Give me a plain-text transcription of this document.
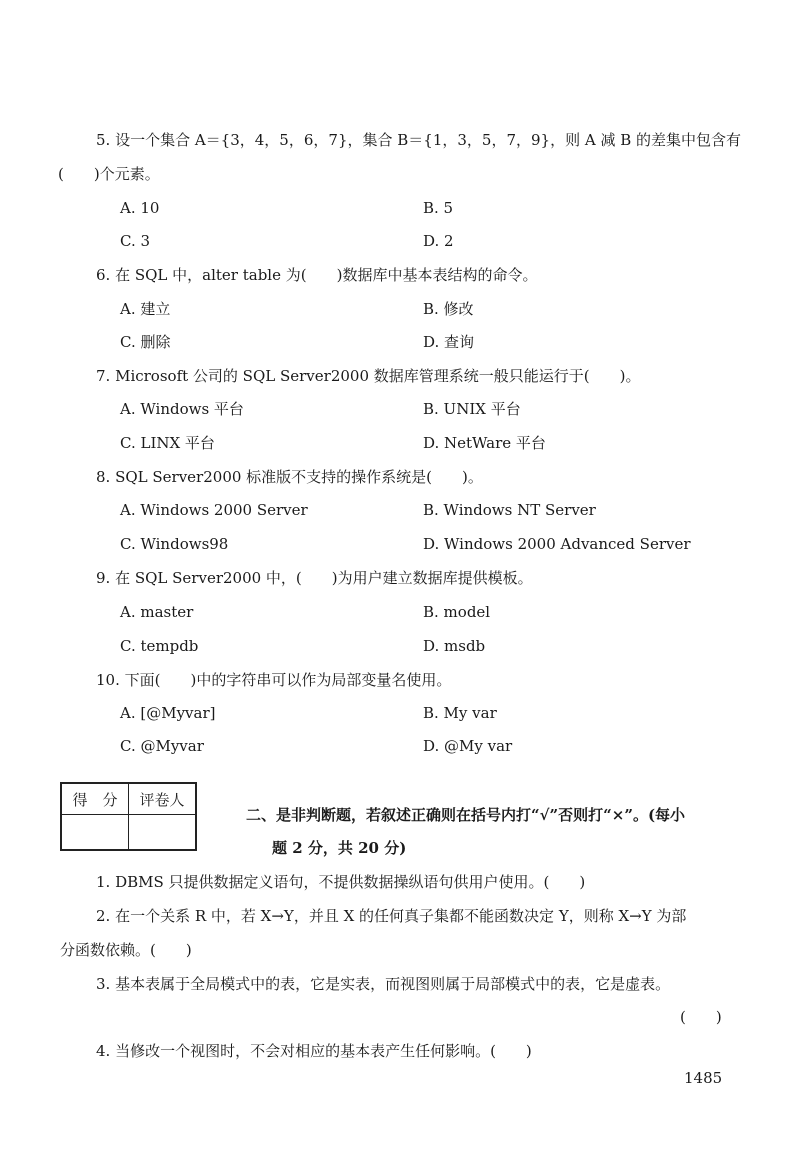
5. 设一个集合 A＝{3，4，5，6，7}，集合 B＝{1，3，5，7，9}，则 A 减 B 的差集中包含有
(　　)个元素。
A. 10	B. 5
C. 3	D. 2
6. 在 SQL 中，alter table 为(　　)数据库中基本表结构的命令。
A. 建立	B. 修改
C. 删除	D. 查询
7. Microsoft 公司的 SQL Server2000 数据库管理系统一般只能运行于(　　)。
A. Windows 平台	B. UNIX 平台
C. LINX 平台	D. NetWare 平台
8. SQL Server2000 标准版不支持的操作系统是(　　)。
A. Windows 2000 Server	B. Windows NT Server
C. Windows98	D. Windows 2000 Advanced Server
9. 在 SQL Server2000 中，(　　)为用户建立数据库提供模板。
A. master	B. model
C. tempdb	D. msdb
10. 下面(　　)中的字符串可以作为局部变量名使用。
A. [@Myvar]	B. My var
C. @Myvar	D. @My var
得　分	评卷人

二、是非判断题，若叙述正确则在括号内打“√”否则打“×”。(每小
题 2 分，共 20 分)
1. DBMS 只提供数据定义语句，不提供数据操纵语句供用户使用。(　　)
2. 在一个关系 R 中，若 X→Y，并且 X 的任何真子集都不能函数决定 Y，则称 X→Y 为部
分函数依赖。(　　)
3. 基本表属于全局模式中的表，它是实表，而视图则属于局部模式中的表，它是虚表。
(　　)
4. 当修改一个视图时，不会对相应的基本表产生任何影响。(　　)
1485
